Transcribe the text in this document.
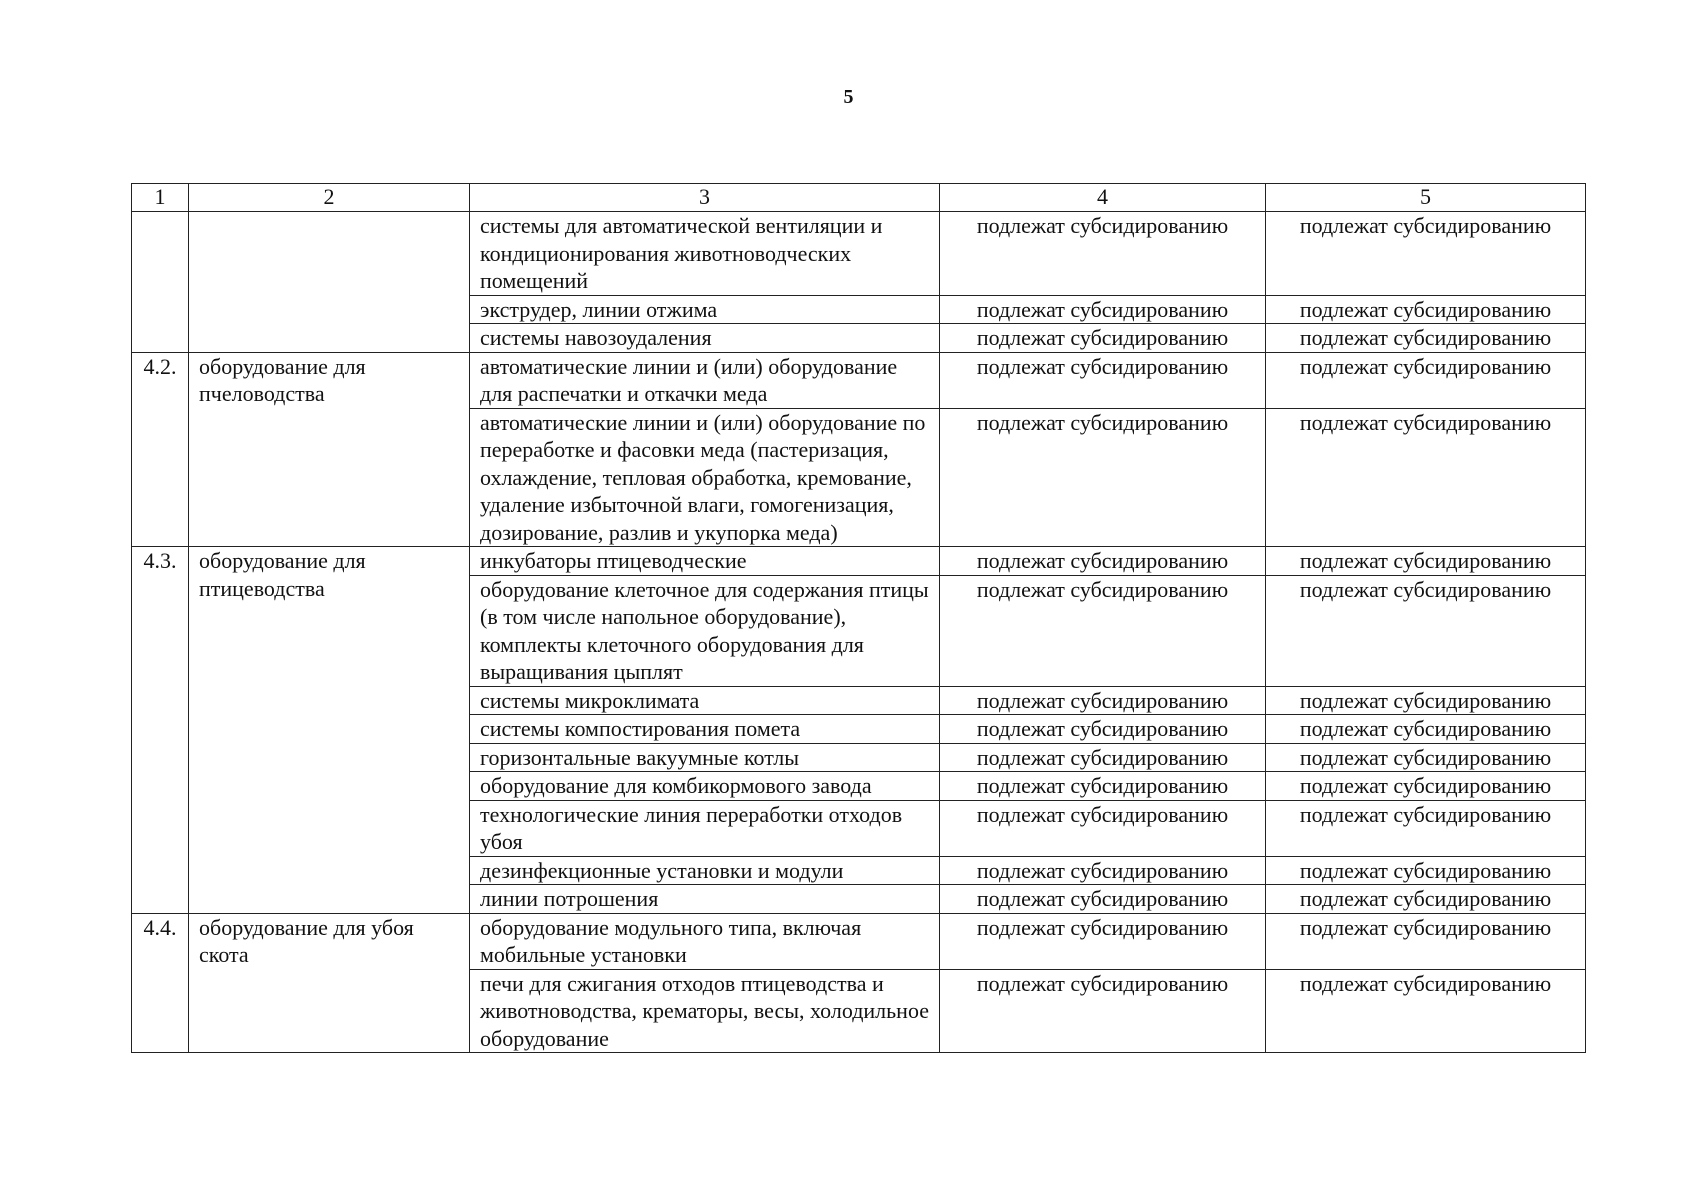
5
1	2	3	4	5
		системы для автоматической вентиляции и кондиционирования животноводческих помещений	подлежат субсидированию	подлежат субсидированию
		экструдер, линии отжима	подлежат субсидированию	подлежат субсидированию
		системы навозоудаления	подлежат субсидированию	подлежат субсидированию
4.2.	оборудование для пчеловодства	автоматические линии и (или) оборудование для распечатки и откачки меда	подлежат субсидированию	подлежат субсидированию
		автоматические линии и (или) оборудование по переработке и фасовки меда (пастеризация, охлаждение, тепловая обработка, кремование, удаление избыточной влаги, гомогенизация, дозирование, разлив и укупорка меда)	подлежат субсидированию	подлежат субсидированию
4.3.	оборудование для птицеводства	инкубаторы птицеводческие	подлежат субсидированию	подлежат субсидированию
		оборудование клеточное для содержания птицы (в том числе напольное оборудование), комплекты клеточного оборудования для выращивания цыплят	подлежат субсидированию	подлежат субсидированию
		системы микроклимата	подлежат субсидированию	подлежат субсидированию
		системы компостирования помета	подлежат субсидированию	подлежат субсидированию
		горизонтальные вакуумные котлы	подлежат субсидированию	подлежат субсидированию
		оборудование для комбикормового завода	подлежат субсидированию	подлежат субсидированию
		технологические линия переработки отходов убоя	подлежат субсидированию	подлежат субсидированию
		дезинфекционные установки и модули	подлежат субсидированию	подлежат субсидированию
		линии потрошения	подлежат субсидированию	подлежат субсидированию
4.4.	оборудование для убоя скота	оборудование модульного типа, включая мобильные установки	подлежат субсидированию	подлежат субсидированию
		печи для сжигания отходов птицеводства и животноводства, крематоры, весы, холодильное оборудование	подлежат субсидированию	подлежат субсидированию
